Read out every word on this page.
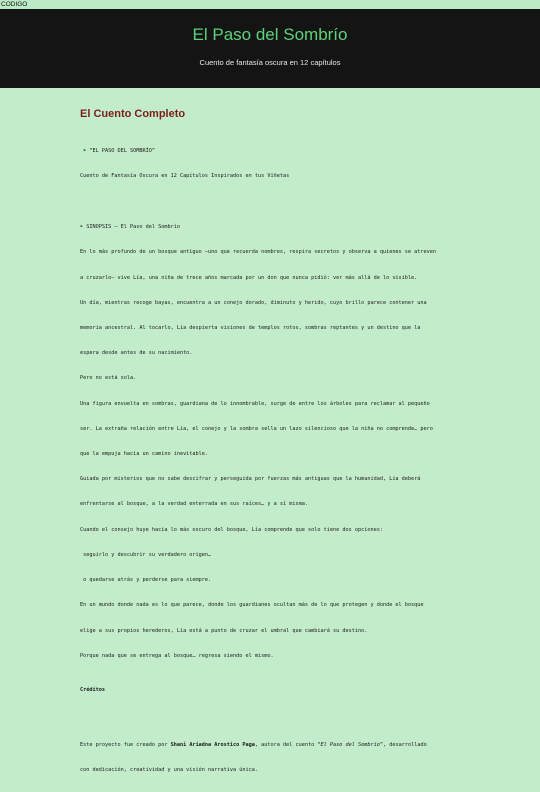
CODIGO
El Paso del Sombrío
Cuento de fantasía oscura en 12 capítulos
El Cuento Completo

➤ “EL PASO DEL SOMBRÍO”

Cuento de Fantasía Oscura en 12 Capítulos Inspirados en tus Viñetas

➤ SINOPSIS — El Paso del Sombrío

En lo más profundo de un bosque antiguo —uno que recuerda nombres, respira secretos y observa a quienes se atreven

a cruzarlo— vive Lía, una niña de trece años marcada por un don que nunca pidió: ver más allá de lo visible.

Un día, mientras recoge bayas, encuentra a un conejo dorado, diminuto y herido, cuyo brillo parece contener una

memoria ancestral. Al tocarlo, Lía despierta visiones de templos rotos, sombras reptantes y un destino que la

espera desde antes de su nacimiento.

Pero no está sola.

Una figura envuelta en sombras, guardiana de lo innombrable, surge de entre los árboles para reclamar al pequeño

ser. La extraña relación entre Lía, el conejo y la sombra sella un lazo silencioso que la niña no comprende… pero

que la empuja hacia un camino inevitable.

Guiada por misterios que no sabe descifrar y perseguida por fuerzas más antiguas que la humanidad, Lía deberá

enfrentarse al bosque, a la verdad enterrada en sus raíces… y a sí misma.

Cuando el consejo huye hacia lo más oscuro del bosque, Lía comprende que solo tiene dos opciones:

seguirlo y descubrir su verdadero origen…

o quedarse atrás y perderse para siempre.

En un mundo donde nada es lo que parece, donde los guardianes ocultan más de lo que protegen y donde el bosque

elige a sus propios herederos, Lía está a punto de cruzar el umbral que cambiará su destino.

Porque nada que se entrega al bosque… regresa siendo el mismo.

Créditos

Este proyecto fue creado por Shani Ariadna Arostico Paga, autora del cuento “El Paso del Sombrío”, desarrollado

con dedicación, creatividad y una visión narrativa única.
